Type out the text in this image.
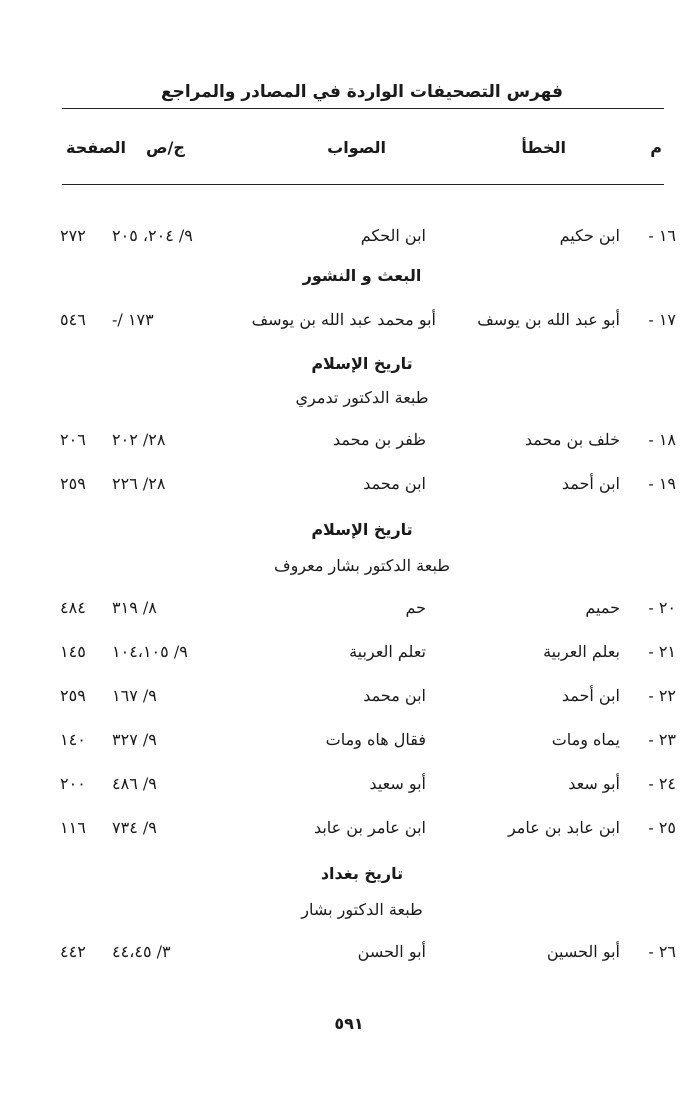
فهرس التصحيفات الواردة في المصادر والمراجع
م
الخطأ
الصواب
ج/ص
الصفحة
١٦ -
ابن حكيم
ابن الحكم
٩/ ٢٠٤، ٢٠٥
٢٧٢
البعث و النشور
١٧ -
أبو عبد الله بن يوسف
أبو محمد عبد الله بن يوسف
-/ ١٧٣
٥٤٦
تاريخ الإسلام
طبعة الدكتور تدمري
١٨ -
خلف بن محمد
ظفر بن محمد
٢٨/ ٢٠٢
٢٠٦
١٩ -
ابن أحمد
ابن محمد
٢٨/ ٢٢٦
٢٥٩
تاريخ الإسلام
طبعة الدكتور بشار معروف
٢٠ -
حميم
حم
٨/ ٣١٩
٤٨٤
٢١ -
بعلم العربية
تعلم العربية
٩/ ١٠٤،١٠٥
١٤٥
٢٢ -
ابن أحمد
ابن محمد
٩/ ١٦٧
٢٥٩
٢٣ -
يماه ومات
فقال هاه ومات
٩/ ٣٢٧
١٤٠
٢٤ -
أبو سعد
أبو سعيد
٩/ ٤٨٦
٢٠٠
٢٥ -
ابن عابد بن عامر
ابن عامر بن عابد
٩/ ٧٣٤
١١٦
تاريخ بغداد
طبعة الدكتور بشار
٢٦ -
أبو الحسين
أبو الحسن
٣/ ٤٤،٤٥
٤٤٢
٥٩١
